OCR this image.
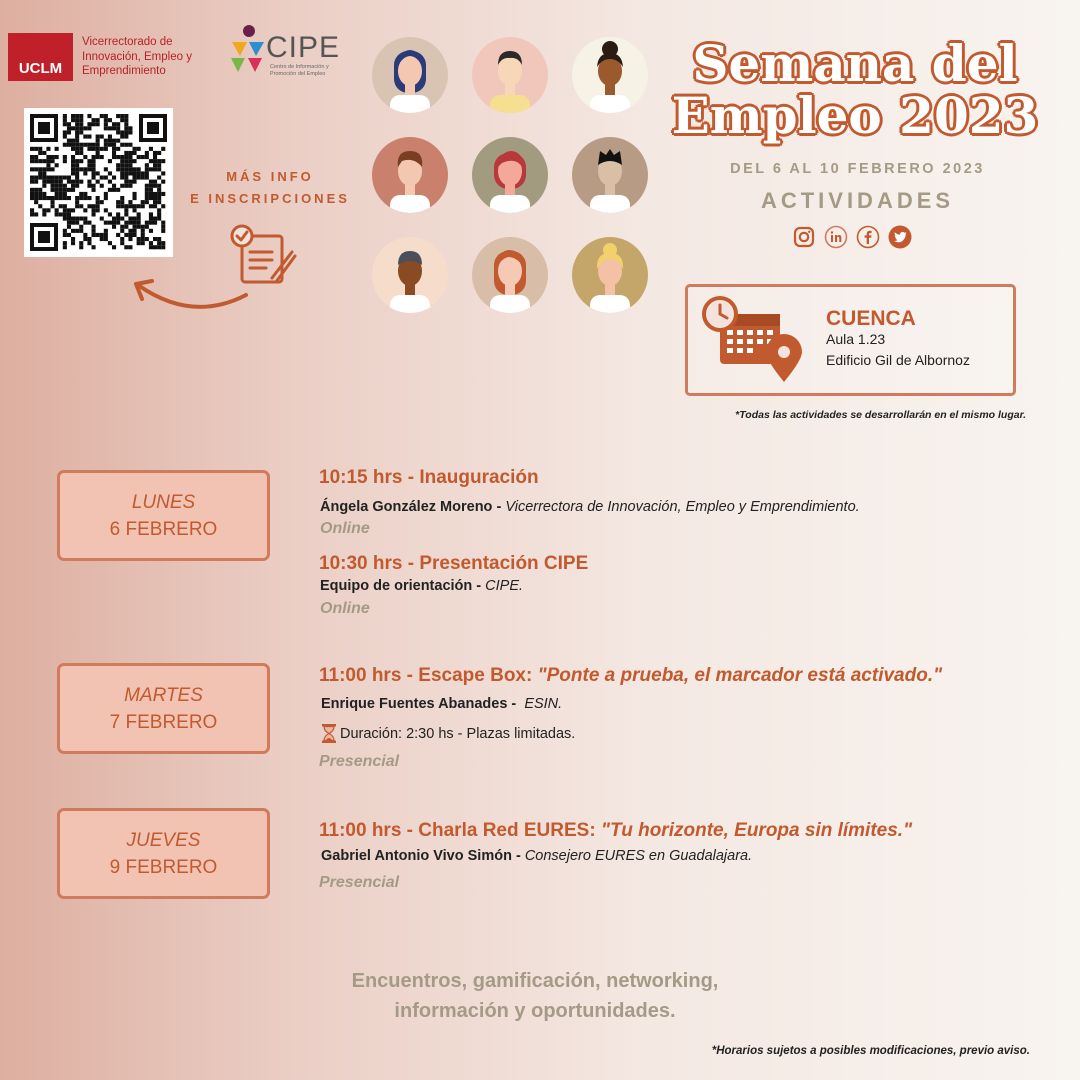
UCLM
Vicerrectorado de Innovación, Empleo y Emprendimiento
CIPE
Centro de Información y Promoción del Empleo
MÁS INFO
E INSCRIPCIONES
Semana del
Empleo 2023
DEL 6 AL 10 FEBRERO 2023
ACTIVIDADES
CUENCA
Aula 1.23
Edificio Gil de Albornoz
*Todas las actividades se desarrollarán en el mismo lugar.
LUNES
6 FEBRERO
10:15 hrs - Inauguración
Ángela González Moreno - Vicerrectora de Innovación, Empleo y Emprendimiento.
Online
10:30 hrs - Presentación CIPE
Equipo de orientación - CIPE.
Online
MARTES
7 FEBRERO
11:00 hrs - Escape Box: "Ponte a prueba, el marcador está activado."
Enrique Fuentes Abanades -  ESIN.
Duración: 2:30 hs - Plazas limitadas.
Presencial
JUEVES
9 FEBRERO
11:00 hrs - Charla Red EURES: "Tu horizonte, Europa sin límites."
Gabriel Antonio Vivo Simón - Consejero EURES en Guadalajara.
Presencial
Encuentros, gamificación, networking,
información y oportunidades.
*Horarios sujetos a posibles modificaciones, previo aviso.
